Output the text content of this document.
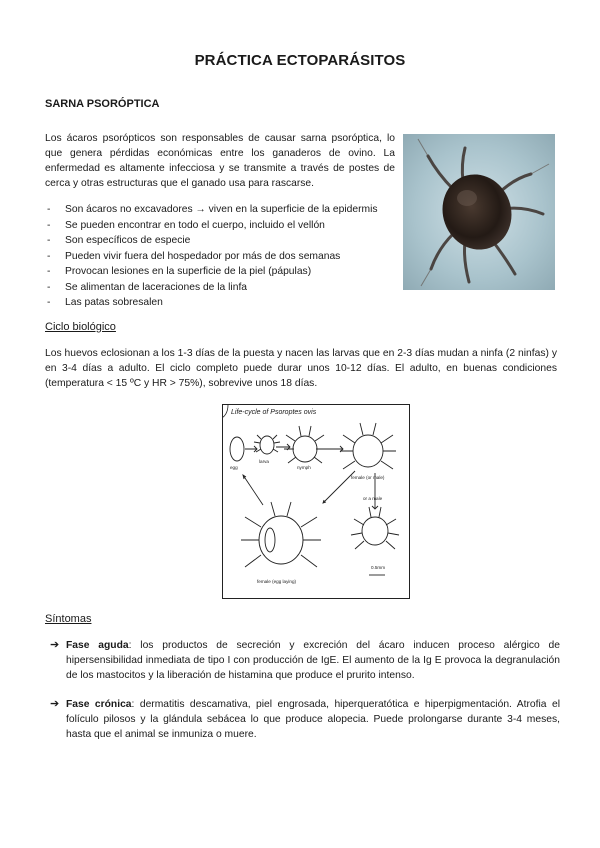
PRÁCTICA ECTOPARÁSITOS
SARNA PSORÓPTICA
Los ácaros psorópticos son responsables de causar sarna psoróptica, lo que genera pérdidas económicas entre los ganaderos de ovino. La enfermedad es altamente infecciosa y se transmite a través de postes de cerca y otras estructuras que el ganado usa para rascarse.
- Son ácaros no excavadores → viven en la superficie de la epidermis
- Se pueden encontrar en todo el cuerpo, incluido el vellón
- Son específicos de especie
- Pueden vivir fuera del hospedador por más de dos semanas
- Provocan lesiones en la superficie de la piel (pápulas)
- Se alimentan de laceraciones de la linfa
- Las patas sobresalen
Ciclo biológico
Los huevos eclosionan a los 1-3 días de la puesta y nacen las larvas que en 2-3 días mudan a ninfa (2 ninfas) y en 3-4 días a adulto. El ciclo completo puede durar unos 10-12 días. El adulto, en buenas condiciones (temperatura < 15 ºC y HR > 75%), sobrevive unos 18 días.
Life-cycle of Psoroptes ovis
egg
larva
nymph
female (or male)
or a male
female (egg laying)
0.5mm
Síntomas
➔ Fase aguda: los productos de secreción y excreción del ácaro inducen proceso alérgico de hipersensibilidad inmediata de tipo I con producción de IgE. El aumento de la Ig E provoca la degranulación de los mastocitos y la liberación de histamina que produce el prurito intenso.
➔ Fase crónica: dermatitis descamativa, piel engrosada, hiperqueratótica e hiperpigmentación. Atrofia el folículo pilosos y la glándula sebácea lo que produce alopecia. Puede prolongarse durante 3-4 meses, hasta que el animal se inmuniza o muere.
